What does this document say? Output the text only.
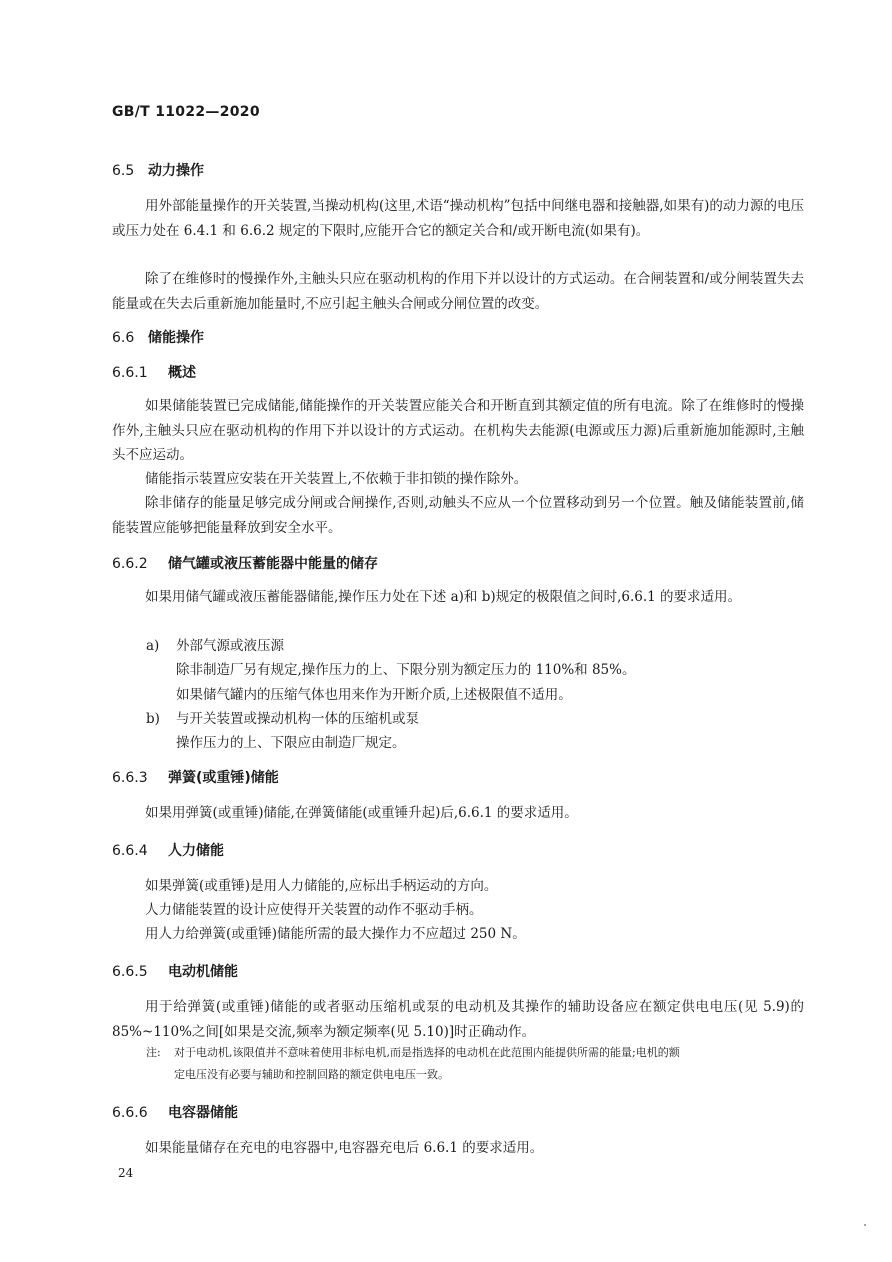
GB/T 11022—2020
6.5 动力操作

用外部能量操作的开关装置,当操动机构(这里,术语“操动机构”包括中间继电器和接触器,如果有)的动力源的电压或压力处在 6.4.1 和 6.6.2 规定的下限时,应能开合它的额定关合和/或开断电流(如果有)。

除了在维修时的慢操作外,主触头只应在驱动机构的作用下并以设计的方式运动。在合闸装置和/或分闸装置失去能量或在失去后重新施加能量时,不应引起主触头合闸或分闸位置的改变。

6.6 储能操作
6.6.1 概述

如果储能装置已完成储能,储能操作的开关装置应能关合和开断直到其额定值的所有电流。除了在维修时的慢操作外,主触头只应在驱动机构的作用下并以设计的方式运动。在机构失去能源(电源或压力源)后重新施加能源时,主触头不应运动。

储能指示装置应安装在开关装置上,不依赖于非扣锁的操作除外。

除非储存的能量足够完成分闸或合闸操作,否则,动触头不应从一个位置移动到另一个位置。触及储能装置前,储能装置应能够把能量释放到安全水平。

6.6.2 储气罐或液压蓄能器中能量的储存

如果用储气罐或液压蓄能器储能,操作压力处在下述 a)和 b)规定的极限值之间时,6.6.1 的要求适用。

a) 外部气源或液压源
除非制造厂另有规定,操作压力的上、下限分别为额定压力的 110%和 85%。
如果储气罐内的压缩气体也用来作为开断介质,上述极限值不适用。
b) 与开关装置或操动机构一体的压缩机或泵
操作压力的上、下限应由制造厂规定。
6.6.3 弹簧(或重锤)储能

如果用弹簧(或重锤)储能,在弹簧储能(或重锤升起)后,6.6.1 的要求适用。

6.6.4 人力储能

如果弹簧(或重锤)是用人力储能的,应标出手柄运动的方向。

人力储能装置的设计应使得开关装置的动作不驱动手柄。

用人力给弹簧(或重锤)储能所需的最大操作力不应超过 250 N。

6.6.5 电动机储能

用于给弹簧(或重锤)储能的或者驱动压缩机或泵的电动机及其操作的辅助设备应在额定供电电压(见 5.9)的 85%~110%之间[如果是交流,频率为额定频率(见 5.10)]时正确动作。

注: 对于电动机,该限值并不意味着使用非标电机,而是指选择的电动机在此范围内能提供所需的能量;电机的额
定电压没有必要与辅助和控制回路的额定供电电压一致。
6.6.6 电容器储能

如果能量储存在充电的电容器中,电容器充电后 6.6.1 的要求适用。

24
